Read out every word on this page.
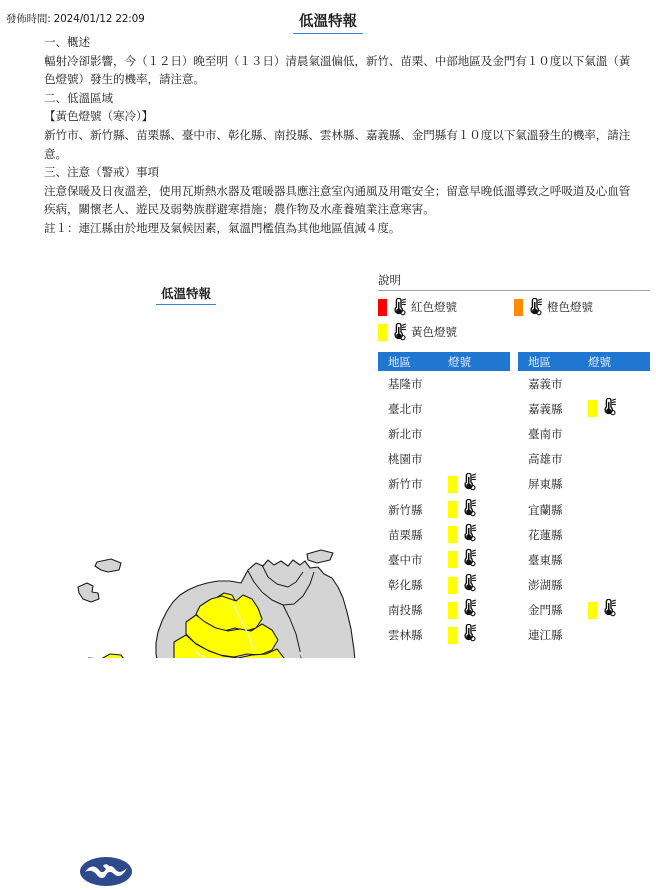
發佈時間: 2024/01/12 22:09	低溫特報

一、概述

輻射冷卻影響，今（１２日）晚至明（１３日）清晨氣溫偏低，新竹、苗栗、中部地區及金門有１０度以下氣溫（黃色燈號）發生的機率，請注意。

二、低溫區域

【黃色燈號（寒冷）】

新竹市、新竹縣、苗栗縣、臺中市、彰化縣、南投縣、雲林縣、嘉義縣、金門縣有１０度以下氣溫發生的機率，請注意。

三、注意（警戒）事項

注意保暖及日夜溫差，使用瓦斯熱水器及電暖器具應注意室內通風及用電安全；留意早晚低溫導致之呼吸道及心血管疾病，關懷老人、遊民及弱勢族群避寒措施；農作物及水產養殖業注意寒害。

註１：連江縣由於地理及氣候因素，氣溫門檻值為其他地區值減４度。

低溫特報
說明
紅色燈號	橙色燈號
黃色燈號
地區	燈號
基隆市
臺北市
新北市
桃園市
新竹市
新竹縣
苗栗縣
臺中市
彰化縣
南投縣
雲林縣
地區	燈號
嘉義市
嘉義縣
臺南市
高雄市
屏東縣
宜蘭縣
花蓮縣
臺東縣
澎湖縣
金門縣
連江縣
